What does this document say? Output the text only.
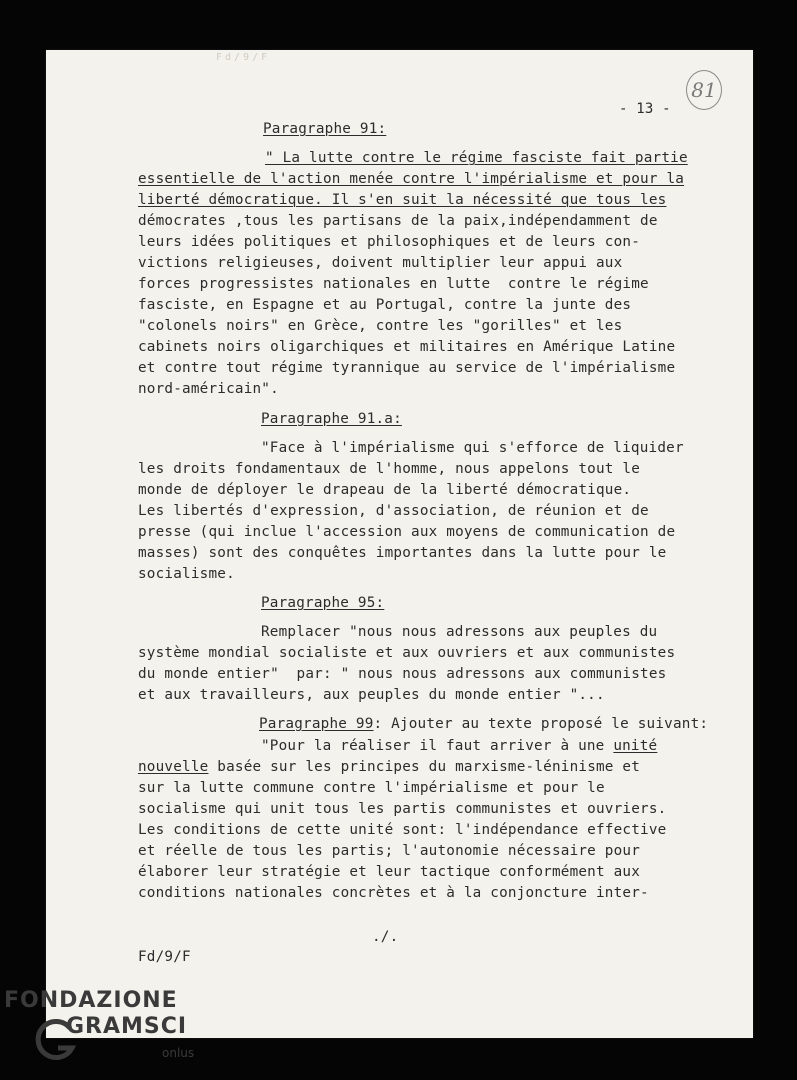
Fd/9/F
81
- 13 -
Paragraphe 91:
" La lutte contre le régime fasciste fait partie
essentielle de l'action menée contre l'impérialisme et pour la
liberté démocratique. Il s'en suit la nécessité que tous les
démocrates ,tous les partisans de la paix,indépendamment de
leurs idées politiques et philosophiques et de leurs con-
victions religieuses, doivent multiplier leur appui aux
forces progressistes nationales en lutte  contre le régime
fasciste, en Espagne et au Portugal, contre la junte des
"colonels noirs" en Grèce, contre les "gorilles" et les
cabinets noirs oligarchiques et militaires en Amérique Latine
et contre tout régime tyrannique au service de l'impérialisme
nord-américain".
Paragraphe 91.a:
"Face à l'impérialisme qui s'efforce de liquider
les droits fondamentaux de l'homme, nous appelons tout le
monde de déployer le drapeau de la liberté démocratique.
Les libertés d'expression, d'association, de réunion et de
presse (qui inclue l'accession aux moyens de communication de
masses) sont des conquêtes importantes dans la lutte pour le
socialisme.
Paragraphe 95:
Remplacer "nous nous adressons aux peuples du
système mondial socialiste et aux ouvriers et aux communistes
du monde entier"  par: " nous nous adressons aux communistes
et aux travailleurs, aux peuples du monde entier "...
Paragraphe 99: Ajouter au texte proposé le suivant:
"Pour la réaliser il faut arriver à une unité
nouvelle basée sur les principes du marxisme-léninisme et
sur la lutte commune contre l'impérialisme et pour le
socialisme qui unit tous les partis communistes et ouvriers.
Les conditions de cette unité sont: l'indépendance effective
et réelle de tous les partis; l'autonomie nécessaire pour
élaborer leur stratégie et leur tactique conformément aux
conditions nationales concrètes et à la conjoncture inter-
./.
Fd/9/F
FONDAZIONE
GRAMSCI
onlus
